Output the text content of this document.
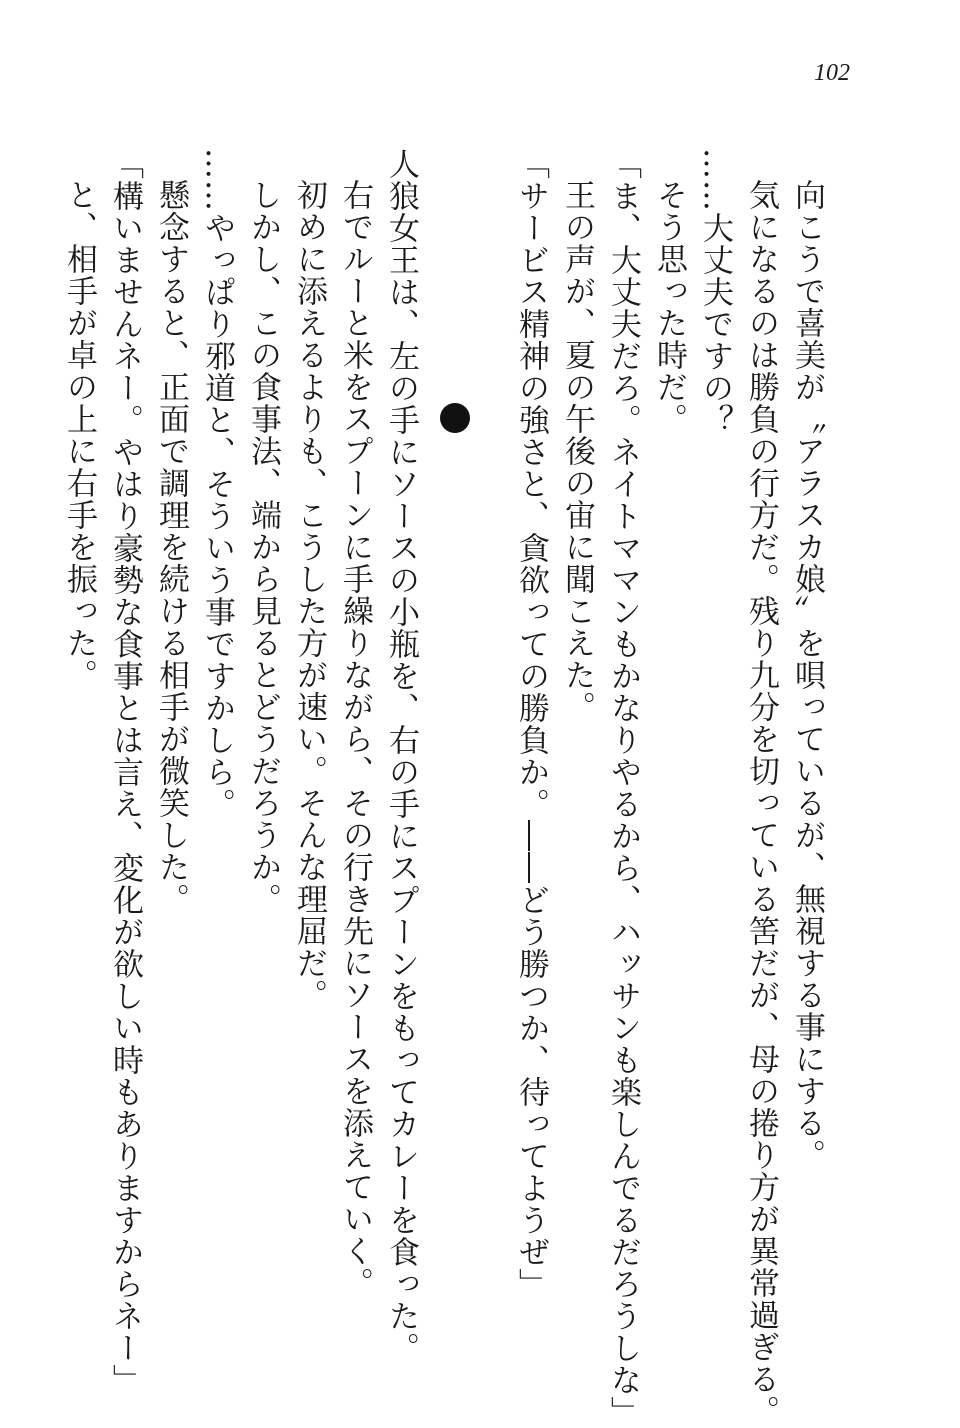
102
向こうで喜美が〝アラスカ娘〟を唄っているが、無視する事にする。
気になるのは勝負の行方だ。残り九分を切っている筈だが、母の捲り方が異常過ぎる。
……大丈夫ですの？
そう思った時だ。
「ま、大丈夫だろ。ネイトママンもかなりやるから、ハッサンも楽しんでるだろうしな」
王の声が、夏の午後の宙に聞こえた。
「サービス精神の強さと、貪欲っての勝負か。――どう勝つか、待ってようぜ」
人狼女王は、左の手にソースの小瓶を、右の手にスプーンをもってカレーを食った。
右でルーと米をスプーンに手繰りながら、その行き先にソースを添えていく。
初めに添えるよりも、こうした方が速い。そんな理屈だ。
しかし、この食事法、端から見るとどうだろうか。
……やっぱり邪道と、そういう事ですかしら。
懸念すると、正面で調理を続ける相手が微笑した。
「構いませんネー。やはり豪勢な食事とは言え、変化が欲しい時もありますからネー」
と、相手が卓の上に右手を振った。
